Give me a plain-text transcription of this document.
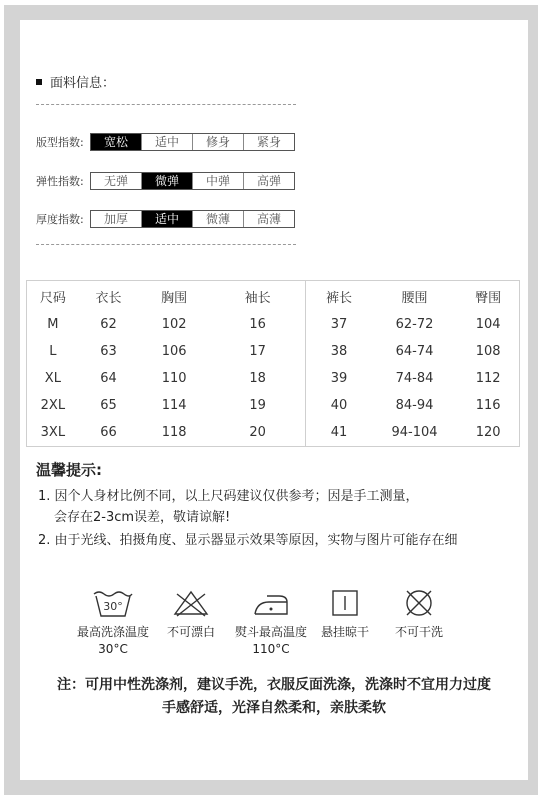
面料信息：
版型指数:	宽松	适中	修身	紧身
弹性指数:	无弹	微弹	中弹	高弹
厚度指数:	加厚	适中	微薄	高薄
尺码	衣长	胸围	袖长	裤长	腰围	臀围
M	62	102	16	37	62-72	104
L	63	106	17	38	64-74	108
XL	64	110	18	39	74-84	112
2XL	65	114	19	40	84-94	116
3XL	66	118	20	41	94-104	120
温馨提示:
1. 因个人身材比例不同，以上尺码建议仅供参考；因是手工测量，
会存在2-3cm误差，敬请谅解!
2. 由于光线、拍摄角度、显示器显示效果等原因，实物与图片可能存在细
30°
最高洗涤温度
30°C
不可漂白	熨斗最高温度
110°C
悬挂晾干	不可干洗
注：可用中性洗涤剂，建议手洗，衣服反面洗涤，洗涤时不宜用力过度
手感舒适，光泽自然柔和，亲肤柔软
